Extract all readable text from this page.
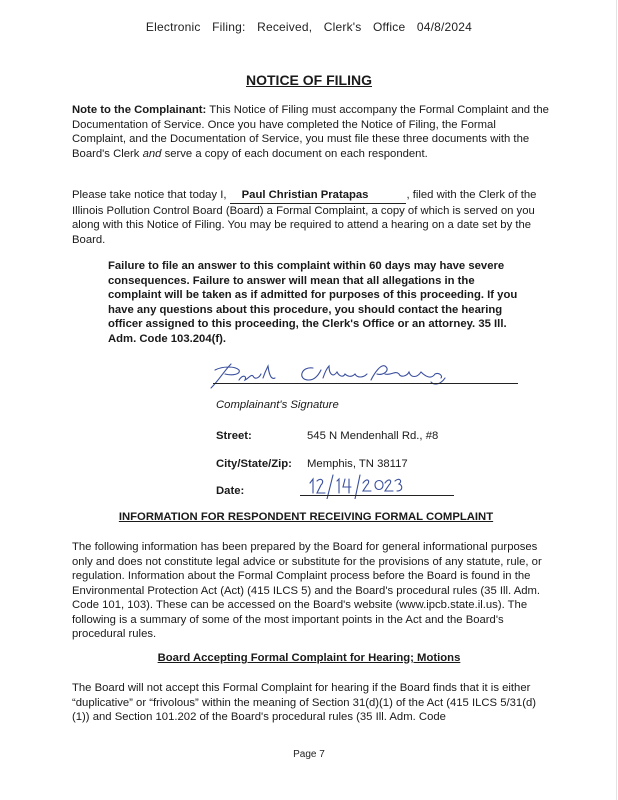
Electronic Filing: Received, Clerk's Office 04/8/2024
NOTICE OF FILING
Note to the Complainant: This Notice of Filing must accompany the Formal Complaint and the Documentation of Service. Once you have completed the Notice of Filing, the Formal Complaint, and the Documentation of Service, you must file these three documents with the Board's Clerk and serve a copy of each document on each respondent.
Please take notice that today I, Paul Christian Pratapas	, filed with the Clerk of the Illinois Pollution Control Board (Board) a Formal Complaint, a copy of which is served on you along with this Notice of Filing. You may be required to attend a hearing on a date set by the Board.
Failure to file an answer to this complaint within 60 days may have severe consequences. Failure to answer will mean that all allegations in the complaint will be taken as if admitted for purposes of this proceeding. If you have any questions about this procedure, you should contact the hearing officer assigned to this proceeding, the Clerk's Office or an attorney. 35 Ill. Adm. Code 103.204(f).
Complainant's Signature
Street:	545 N Mendenhall Rd., #8
City/State/Zip: Memphis, TN 38117
Date:
INFORMATION FOR RESPONDENT RECEIVING FORMAL COMPLAINT
The following information has been prepared by the Board for general informational purposes only and does not constitute legal advice or substitute for the provisions of any statute, rule, or regulation. Information about the Formal Complaint process before the Board is found in the Environmental Protection Act (Act) (415 ILCS 5) and the Board's procedural rules (35 Ill. Adm. Code 101, 103). These can be accessed on the Board's website (www.ipcb.state.il.us). The following is a summary of some of the most important points in the Act and the Board's procedural rules.
Board Accepting Formal Complaint for Hearing; Motions
The Board will not accept this Formal Complaint for hearing if the Board finds that it is either “duplicative” or “frivolous” within the meaning of Section 31(d)(1) of the Act (415 ILCS 5/31(d)(1)) and Section 101.202 of the Board's procedural rules (35 Ill. Adm. Code
Page 7
